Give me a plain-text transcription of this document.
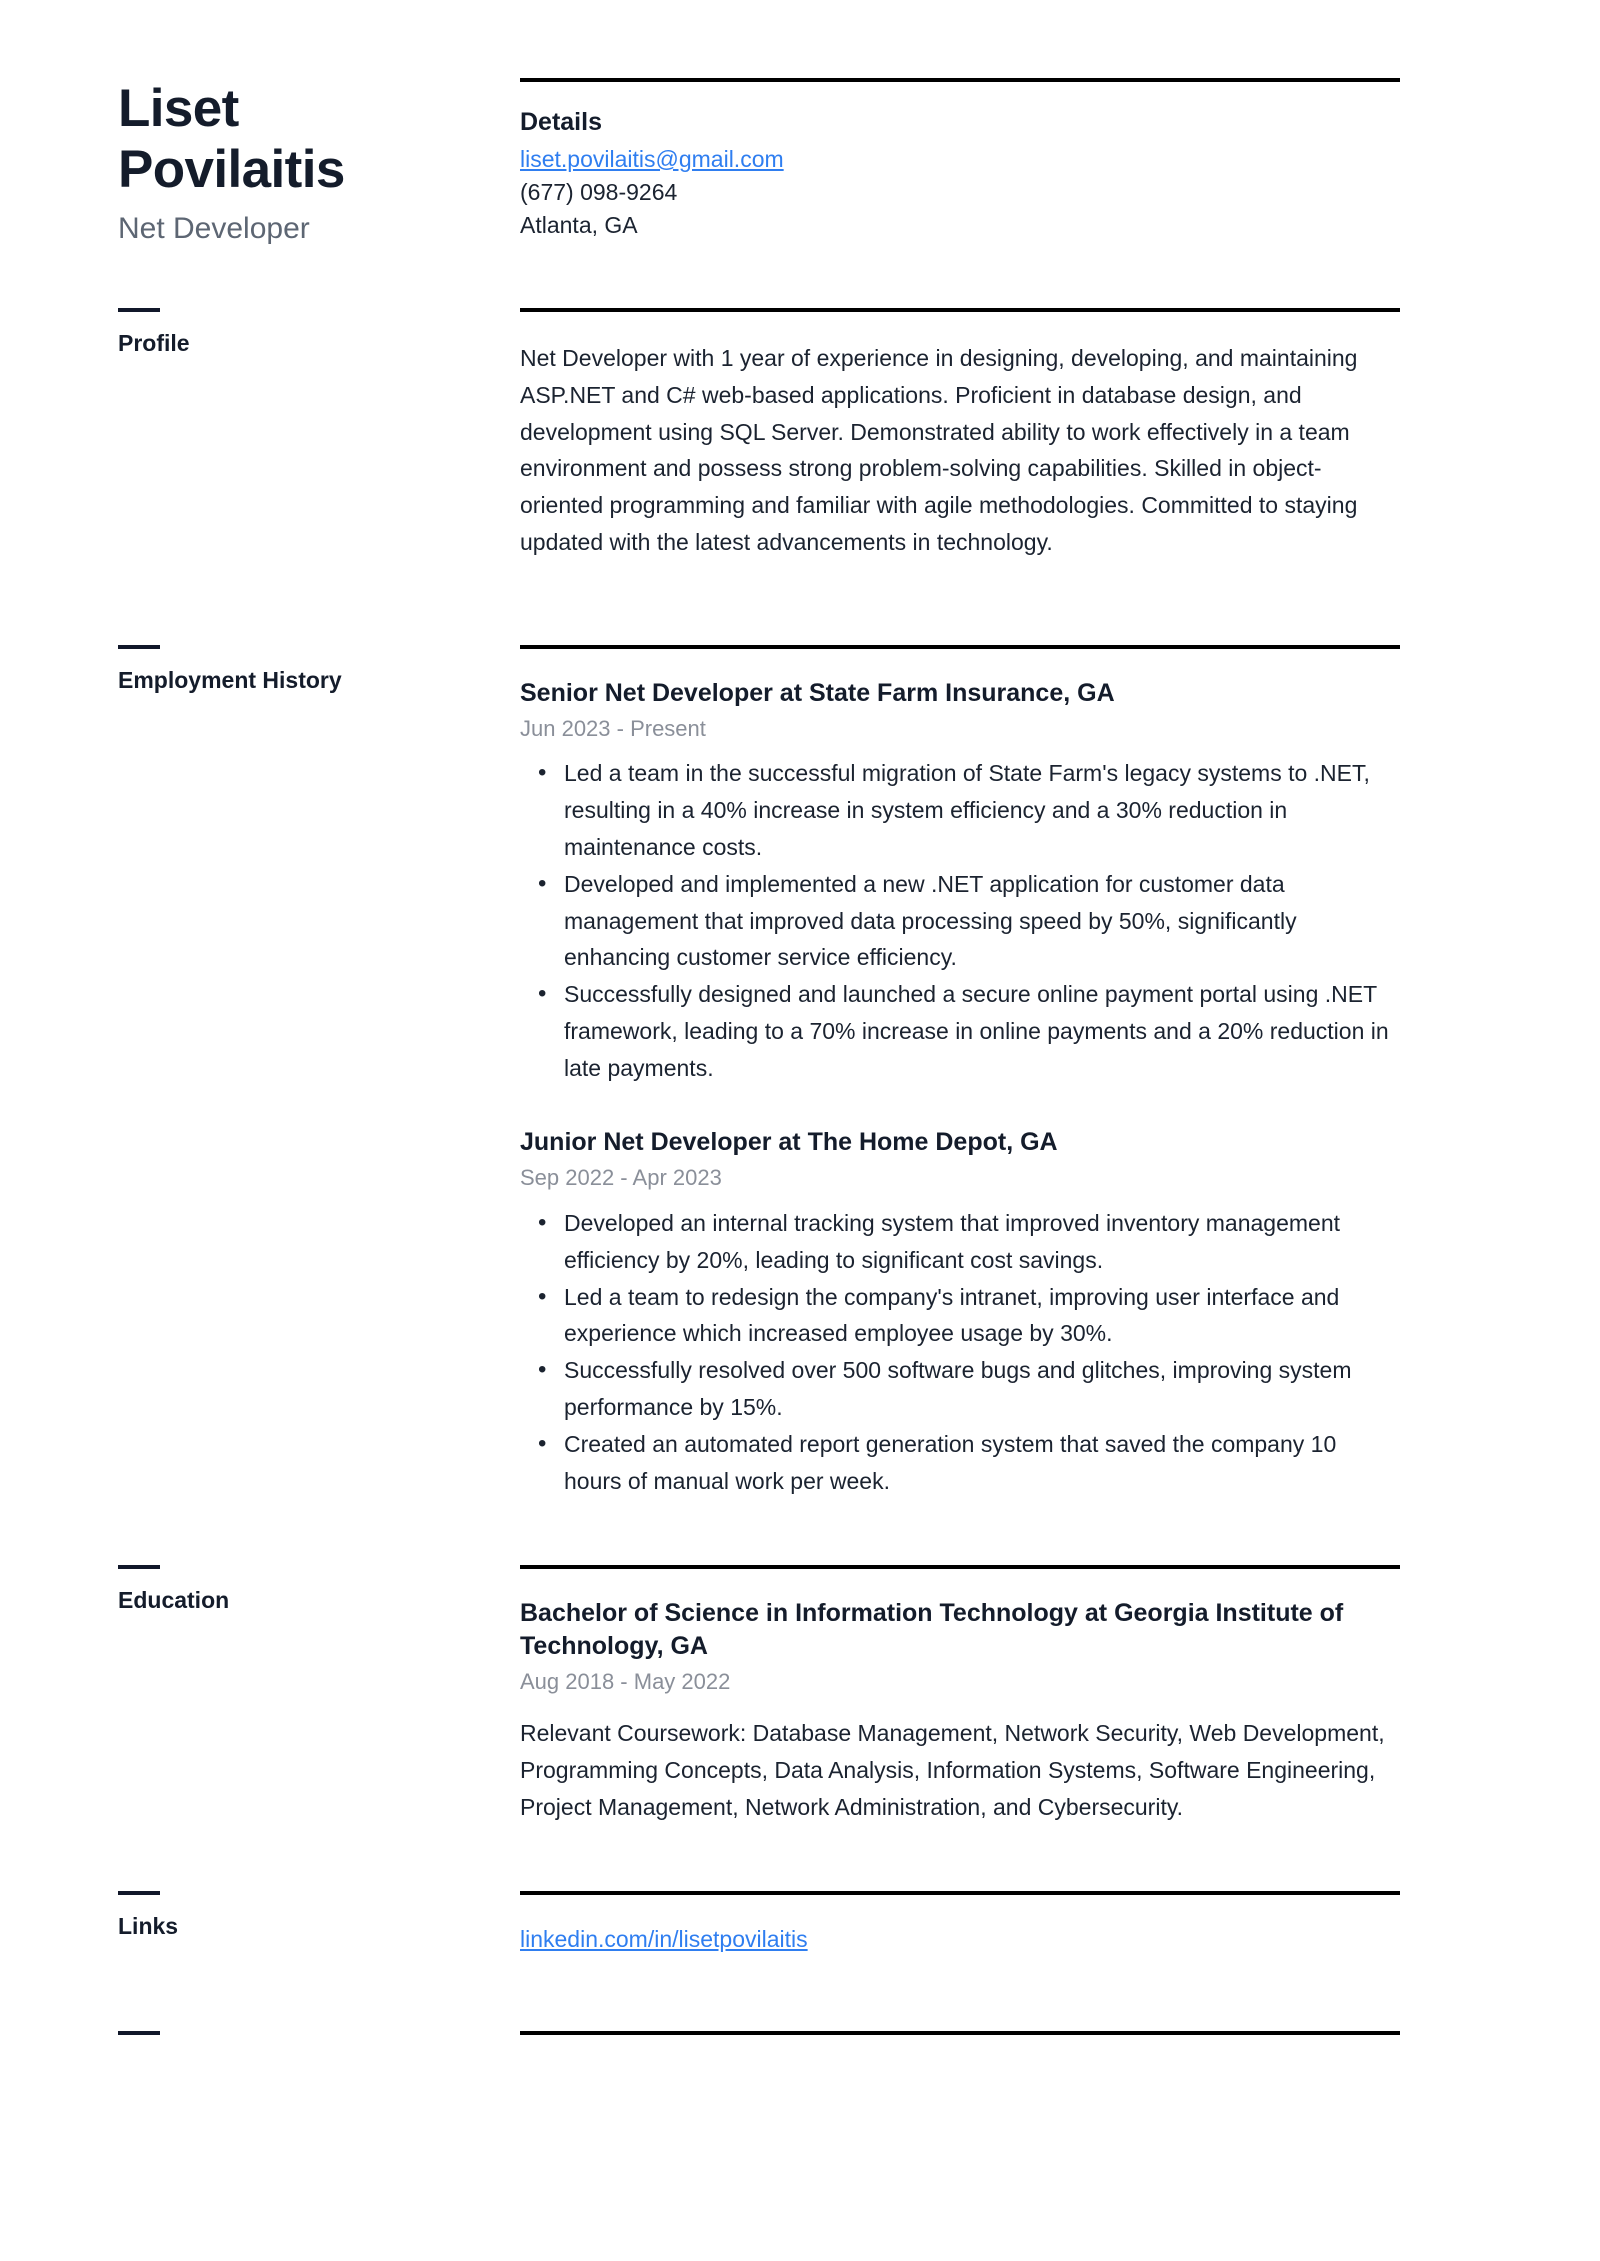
Liset
Povilaitis
Net Developer
Details
liset.povilaitis@gmail.com
(677) 098-9264
Atlanta, GA
Profile

Net Developer with 1 year of experience in designing, developing, and maintaining ASP.NET and C# web-based applications. Proficient in database design, and development using SQL Server. Demonstrated ability to work effectively in a team environment and possess strong problem-solving capabilities. Skilled in object-oriented programming and familiar with agile methodologies. Committed to staying updated with the latest advancements in technology.

Employment History	Senior Net Developer at State Farm Insurance, GA
Jun 2023 - Present
• Led a team in the successful migration of State Farm's legacy systems to .NET, resulting in a 40% increase in system efficiency and a 30% reduction in maintenance costs.
• Developed and implemented a new .NET application for customer data management that improved data processing speed by 50%, significantly enhancing customer service efficiency.
• Successfully designed and launched a secure online payment portal using .NET framework, leading to a 70% increase in online payments and a 20% reduction in late payments.
Junior Net Developer at The Home Depot, GA
Sep 2022 - Apr 2023
• Developed an internal tracking system that improved inventory management efficiency by 20%, leading to significant cost savings.
• Led a team to redesign the company's intranet, improving user interface and experience which increased employee usage by 30%.
• Successfully resolved over 500 software bugs and glitches, improving system performance by 15%.
• Created an automated report generation system that saved the company 10 hours of manual work per week.
Education	Bachelor of Science in Information Technology at Georgia Institute of Technology, GA
Aug 2018 - May 2022

Relevant Coursework: Database Management, Network Security, Web Development, Programming Concepts, Data Analysis, Information Systems, Software Engineering, Project Management, Network Administration, and Cybersecurity.

Links	linkedin.com/in/lisetpovilaitis
